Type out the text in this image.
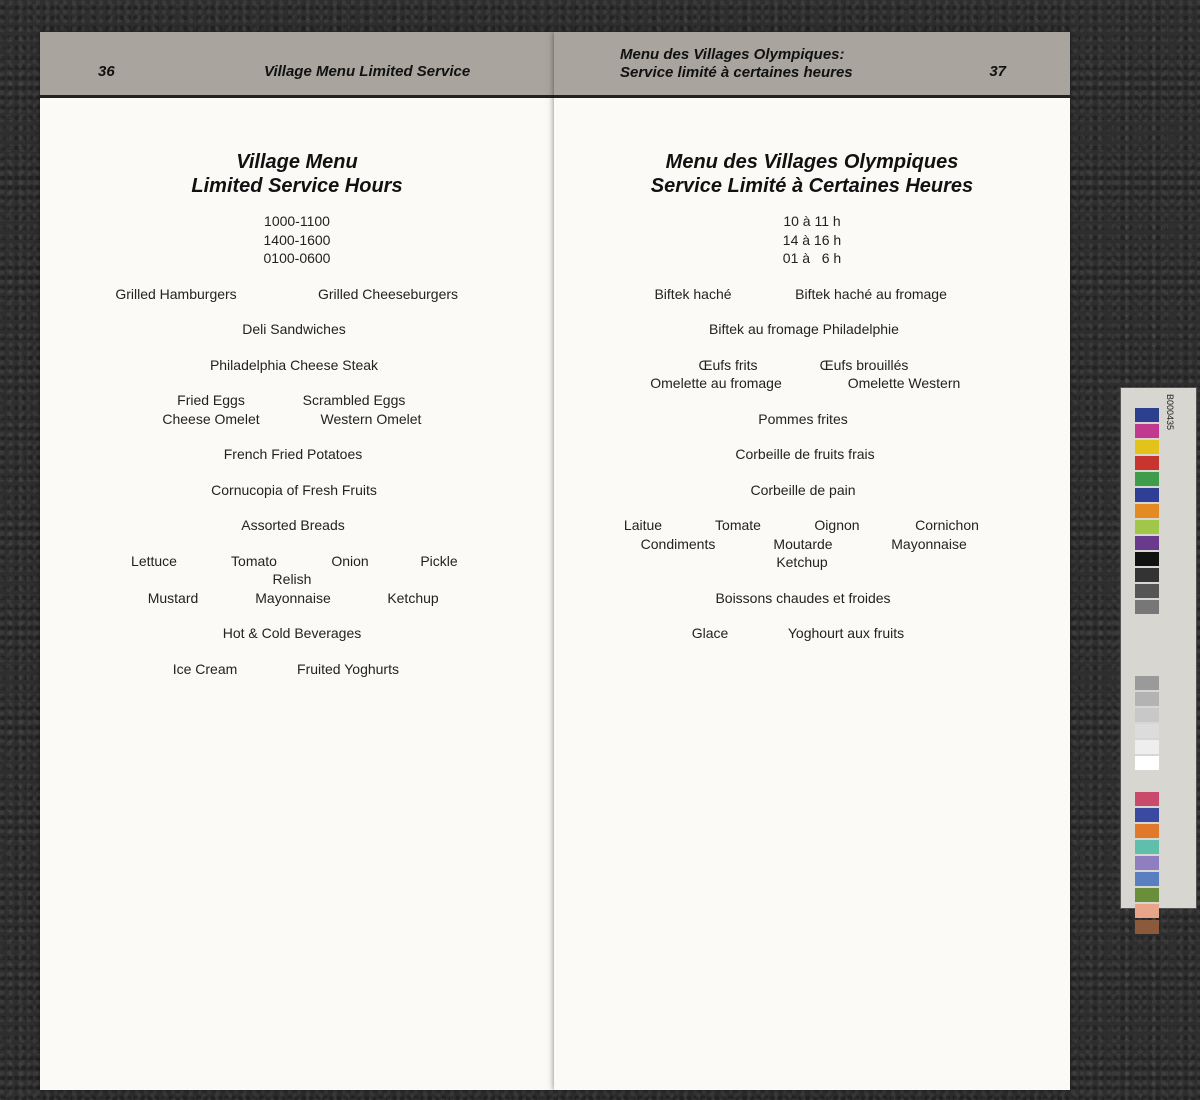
36	Village Menu Limited Service
Village Menu
Limited Service Hours
1000-1100
1400-1600
0100-0600
Grilled Hamburgers	Grilled Cheeseburgers
Deli Sandwiches
Philadelphia Cheese Steak
Fried Eggs	Scrambled Eggs
Cheese Omelet	Western Omelet
French Fried Potatoes
Cornucopia of Fresh Fruits
Assorted Breads
Lettuce	Tomato	Onion	Pickle
Relish
Mustard	Mayonnaise	Ketchup
Hot & Cold Beverages
Ice Cream	Fruited Yoghurts
Menu des Villages Olympiques:
Service limité à certaines heures	37
Menu des Villages Olympiques
Service Limité à Certaines Heures
10 à 11 h
14 à 16 h
01 à   6 h
Biftek haché	Biftek haché au fromage
Biftek au fromage Philadelphie
Œufs frits	Œufs brouillés
Omelette au fromage	Omelette Western
Pommes frites
Corbeille de fruits frais
Corbeille de pain
Laitue	Tomate	Oignon	Cornichon
Condiments	Moutarde	Mayonnaise
Ketchup
Boissons chaudes et froides
Glace	Yoghourt aux fruits
B000435
